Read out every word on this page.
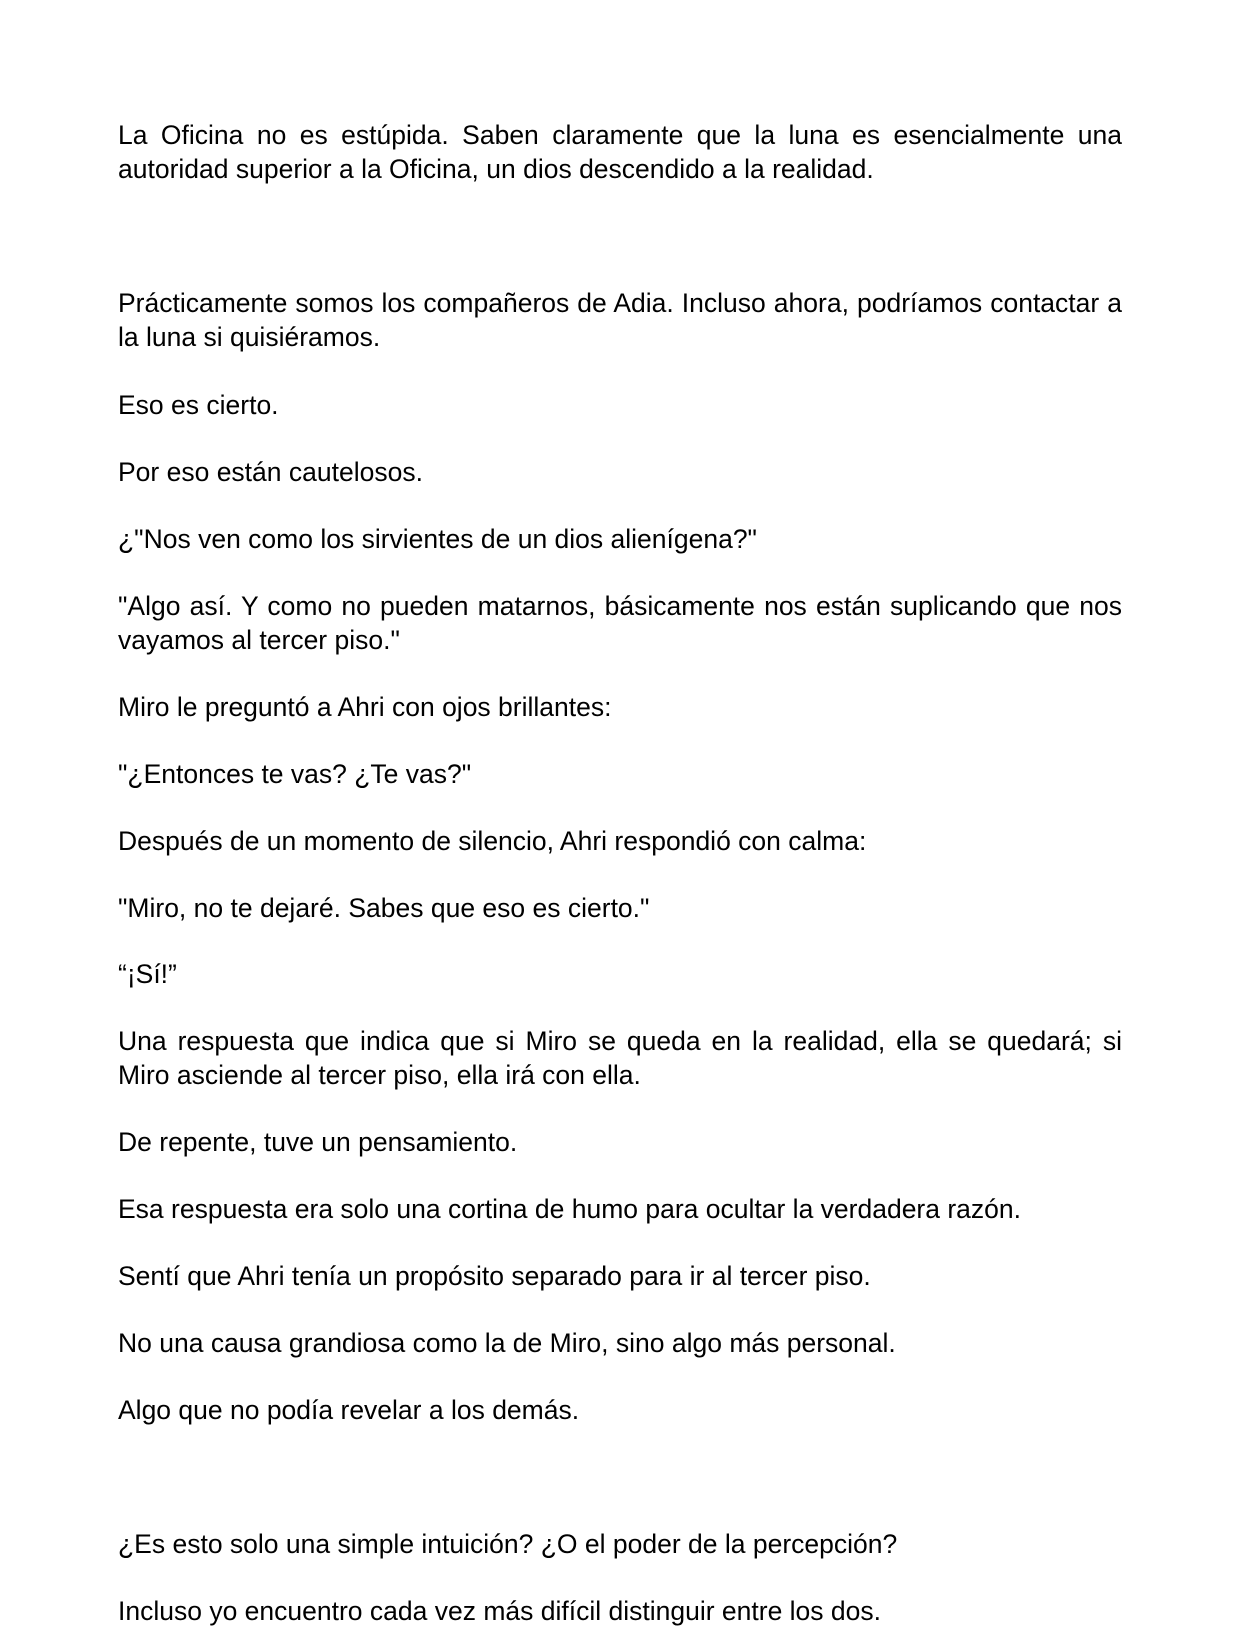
La Oficina no es estúpida. Saben claramente que la luna es esencialmente una autoridad superior a la Oficina, un dios descendido a la realidad.

Prácticamente somos los compañeros de Adia. Incluso ahora, podríamos contactar a la luna si quisiéramos.

Eso es cierto.

Por eso están cautelosos.

¿"Nos ven como los sirvientes de un dios alienígena?"

"Algo así. Y como no pueden matarnos, básicamente nos están suplicando que nos vayamos al tercer piso."

Miro le preguntó a Ahri con ojos brillantes:

"¿Entonces te vas? ¿Te vas?"

Después de un momento de silencio, Ahri respondió con calma:

"Miro, no te dejaré. Sabes que eso es cierto."

“¡Sí!”

Una respuesta que indica que si Miro se queda en la realidad, ella se quedará; si Miro asciende al tercer piso, ella irá con ella.

De repente, tuve un pensamiento.

Esa respuesta era solo una cortina de humo para ocultar la verdadera razón.

Sentí que Ahri tenía un propósito separado para ir al tercer piso.

No una causa grandiosa como la de Miro, sino algo más personal.

Algo que no podía revelar a los demás.

¿Es esto solo una simple intuición? ¿O el poder de la percepción?

Incluso yo encuentro cada vez más difícil distinguir entre los dos.
